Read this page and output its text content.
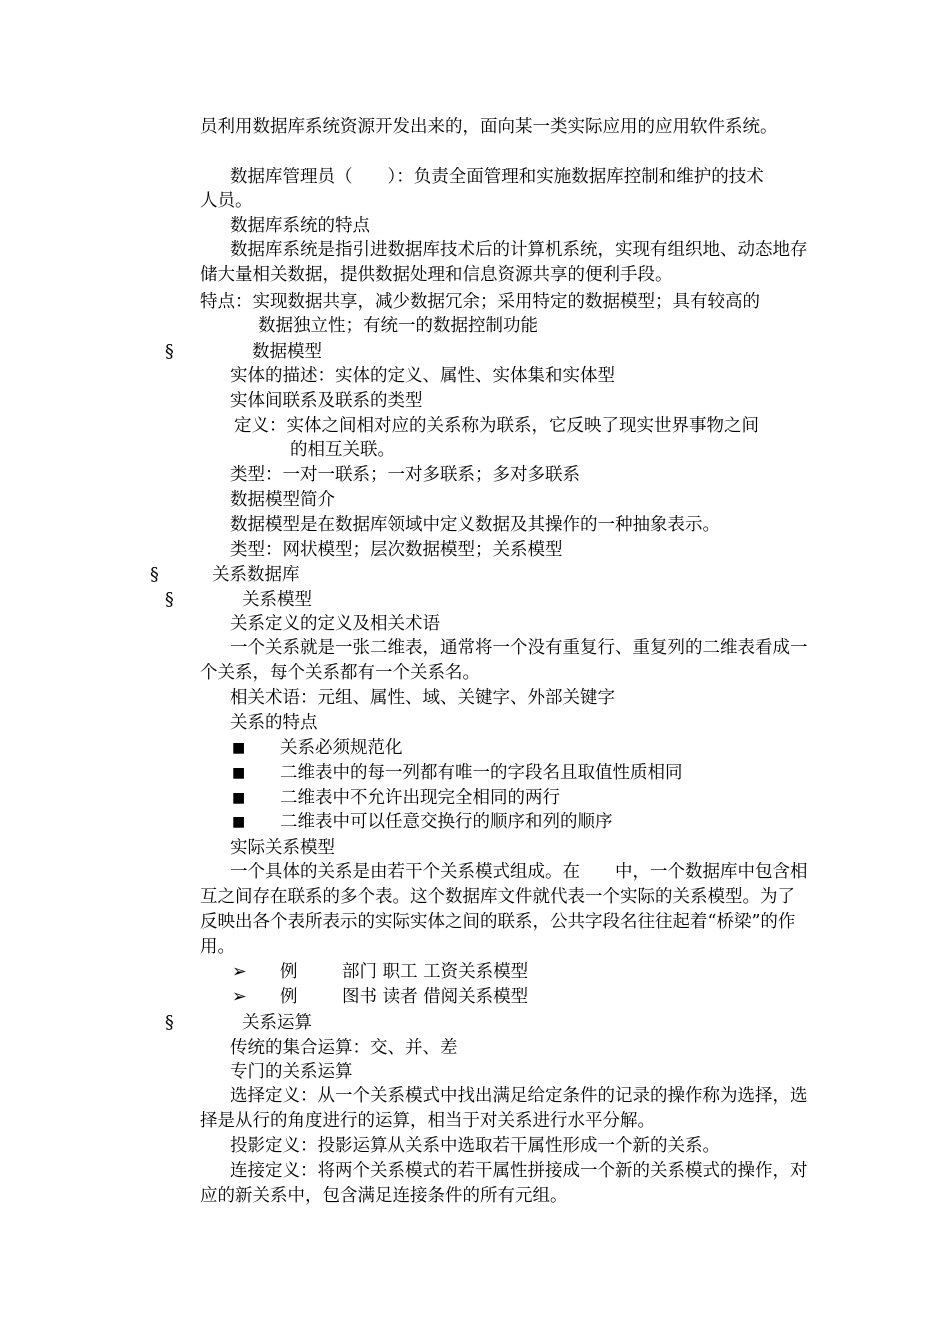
员利用数据库系统资源开发出来的，面向某一类实际应用的应用软件系统。
数据库管理员（　　）：负责全面管理和实施数据库控制和维护的技术
人员。
数据库系统的特点
数据库系统是指引进数据库技术后的计算机系统，实现有组织地、动态地存储大量相关数据，提供数据处理和信息资源共享的便利手段。
特点：实现数据共享，减少数据冗余；采用特定的数据模型；具有较高的
数据独立性；有统一的数据控制功能
§	数据模型
实体的描述：实体的定义、属性、实体集和实体型
实体间联系及联系的类型
定义：实体之间相对应的关系称为联系，它反映了现实世界事物之间
的相互关联。
类型：一对一联系；一对多联系；多对多联系
数据模型简介
数据模型是在数据库领域中定义数据及其操作的一种抽象表示。
类型：网状模型；层次数据模型；关系模型
§	关系数据库
§	关系模型
关系定义的定义及相关术语
一个关系就是一张二维表，通常将一个没有重复行、重复列的二维表看成一个关系，每个关系都有一个关系名。
相关术语：元组、属性、域、关键字、外部关键字
关系的特点
■ 关系必须规范化
■ 二维表中的每一列都有唯一的字段名且取值性质相同
■ 二维表中不允许出现完全相同的两行
■ 二维表中可以任意交换行的顺序和列的顺序
实际关系模型
一个具体的关系是由若干个关系模式组成。在　　中，一个数据库中包含相互之间存在联系的多个表。这个数据库文件就代表一个实际的关系模型。为了反映出各个表所表示的实际实体之间的联系，公共字段名往往起着“桥梁”的作用。
➢ 例	部门 职工 工资关系模型
➢ 例	图书 读者 借阅关系模型
§	关系运算
传统的集合运算：交、并、差
专门的关系运算
选择定义：从一个关系模式中找出满足给定条件的记录的操作称为选择，选择是从行的角度进行的运算，相当于对关系进行水平分解。
投影定义：投影运算从关系中选取若干属性形成一个新的关系。
连接定义：将两个关系模式的若干属性拼接成一个新的关系模式的操作，对应的新关系中，包含满足连接条件的所有元组。
